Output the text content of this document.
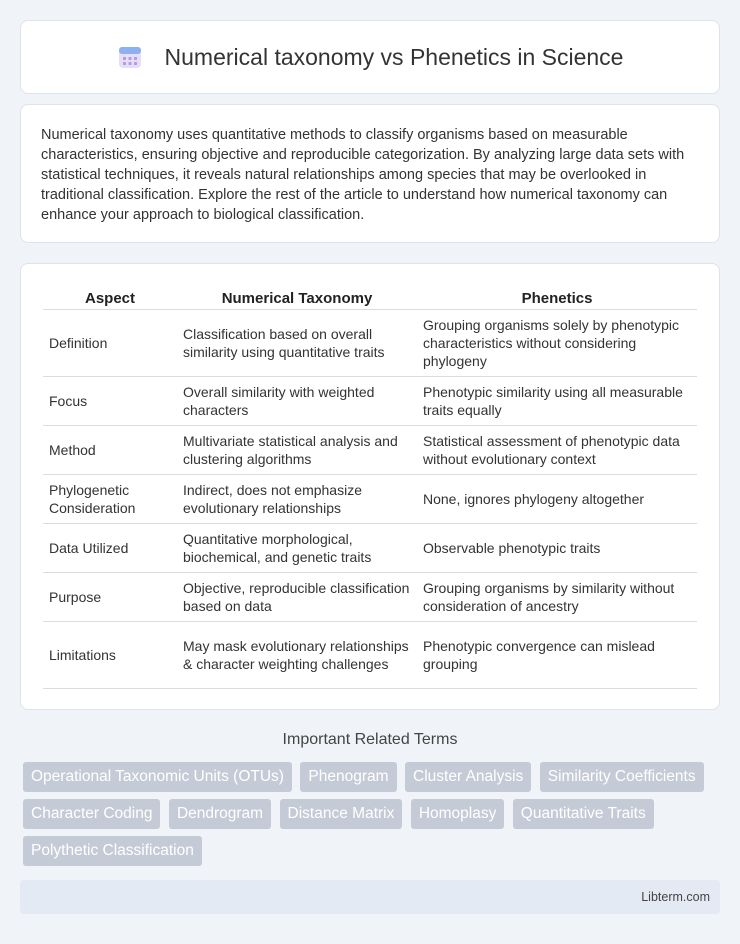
Numerical taxonomy vs Phenetics in Science

Numerical taxonomy uses quantitative methods to classify organisms based on measurable characteristics, ensuring objective and reproducible categorization. By analyzing large data sets with statistical techniques, it reveals natural relationships among species that may be overlooked in traditional classification. Explore the rest of the article to understand how numerical taxonomy can enhance your approach to biological classification.

Aspect	Numerical Taxonomy	Phenetics
Definition	Classification based on overall similarity using quantitative traits	Grouping organisms solely by phenotypic characteristics without considering phylogeny
Focus	Overall similarity with weighted characters	Phenotypic similarity using all measurable traits equally
Method	Multivariate statistical analysis and clustering algorithms	Statistical assessment of phenotypic data without evolutionary context
Phylogenetic Consideration	Indirect, does not emphasize evolutionary relationships	None, ignores phylogeny altogether
Data Utilized	Quantitative morphological, biochemical, and genetic traits	Observable phenotypic traits
Purpose	Objective, reproducible classification based on data	Grouping organisms by similarity without consideration of ancestry
Limitations	May mask evolutionary relationships & character weighting challenges	Phenotypic convergence can mislead grouping
Important Related Terms
Operational Taxonomic Units (OTUs) Phenogram Cluster Analysis Similarity Coefficients Character Coding Dendrogram Distance Matrix Homoplasy Quantitative Traits Polythetic Classification
Libterm.com
